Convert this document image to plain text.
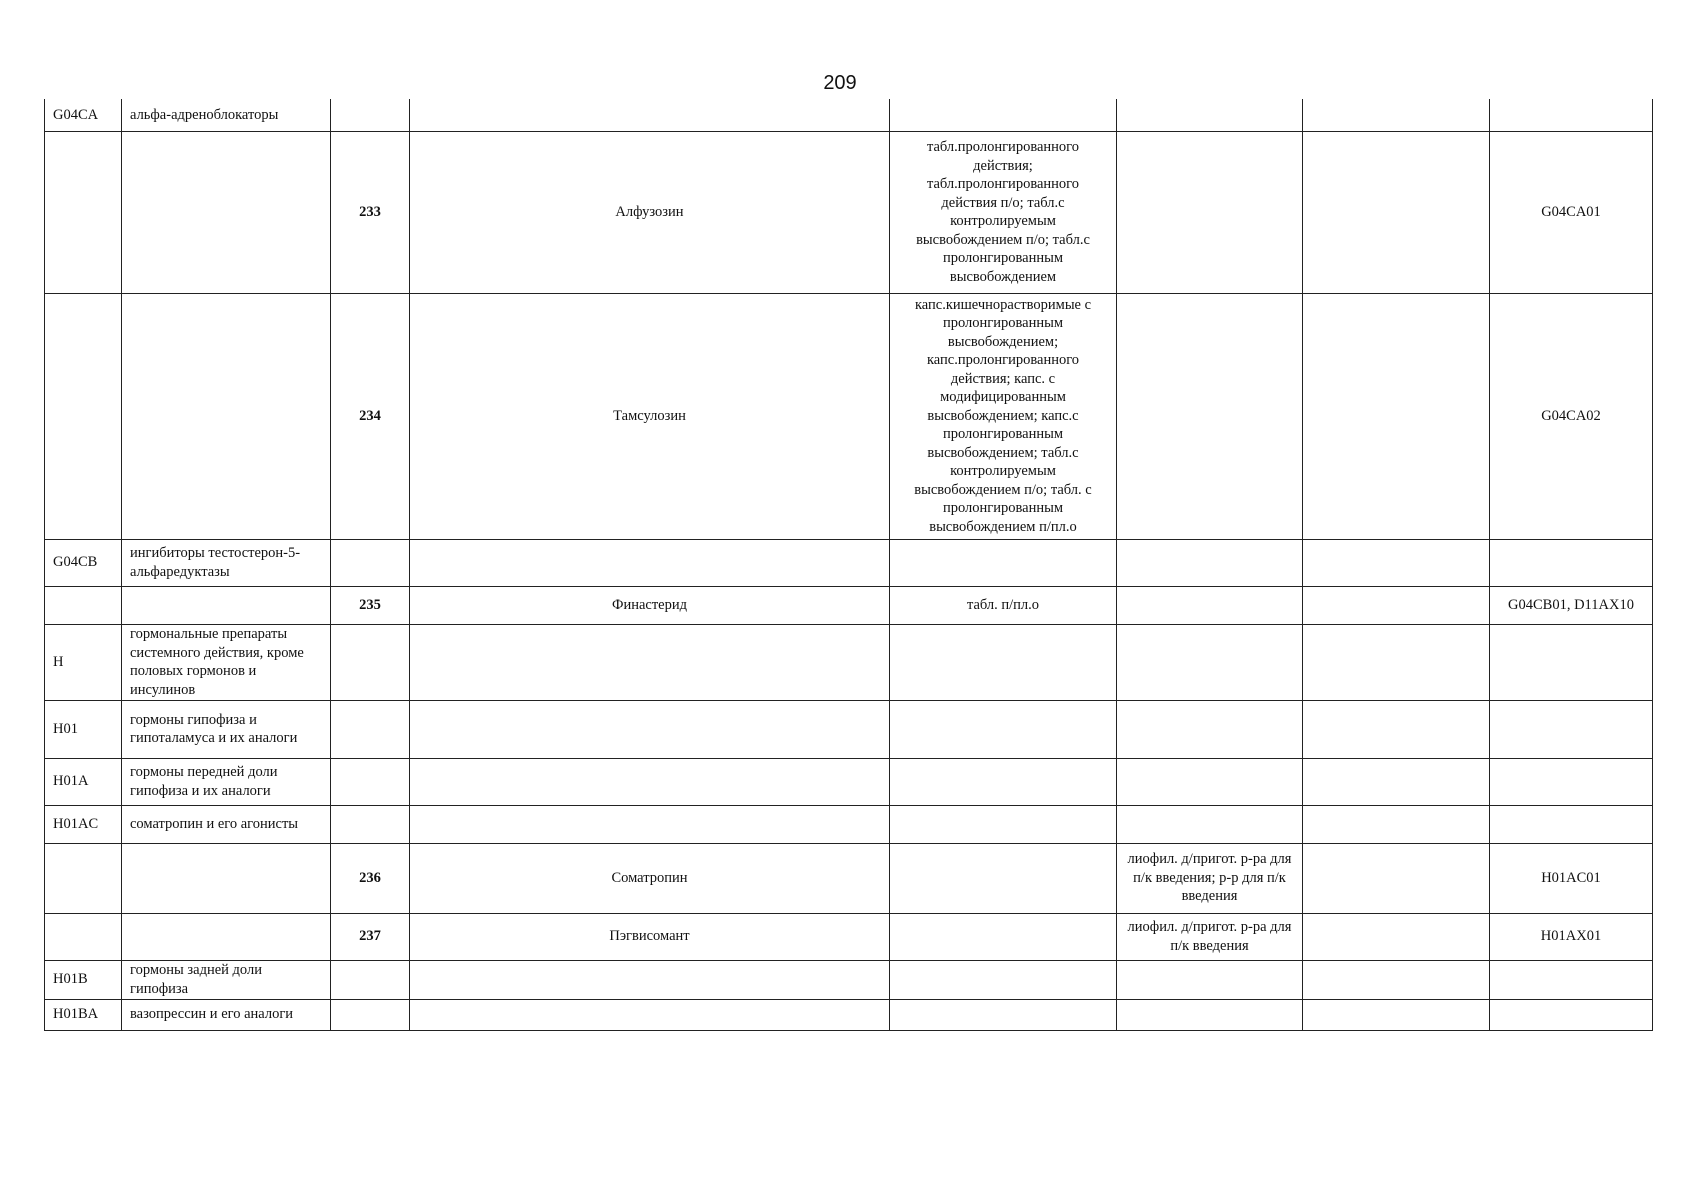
209
G04CA	альфа-адреноблокаторы						
		233	Алфузозин	табл.пролонгированного действия; табл.пролонгированного действия п/о; табл.с контролируемым высвобождением п/о; табл.с пролонгированным высвобождением			G04CA01
		234	Тамсулозин	капс.кишечнорастворимые с пролонгированным высвобождением; капс.пролонгированного действия; капс. с модифицированным высвобождением; капс.с пролонгированным высвобождением; табл.с контролируемым высвобождением п/о; табл. с пролонгированным высвобождением п/пл.о			G04CA02
G04CB	ингибиторы тестостерон-5-альфаредуктазы						
		235	Финастерид	табл. п/пл.о			G04CB01, D11AX10
H	гормональные препараты системного действия, кроме половых гормонов и инсулинов						
H01	гормоны гипофиза и гипоталамуса и их аналоги						
H01A	гормоны передней доли гипофиза и их аналоги						
H01AC	соматропин и его агонисты						
		236	Соматропин		лиофил. д/пригот. р-ра для п/к введения; р-р для п/к введения		H01AC01
		237	Пэгвисомант		лиофил. д/пригот. р-ра для п/к введения		H01AX01
H01B	гормоны задней доли гипофиза						
H01BA	вазопрессин и его аналоги						
